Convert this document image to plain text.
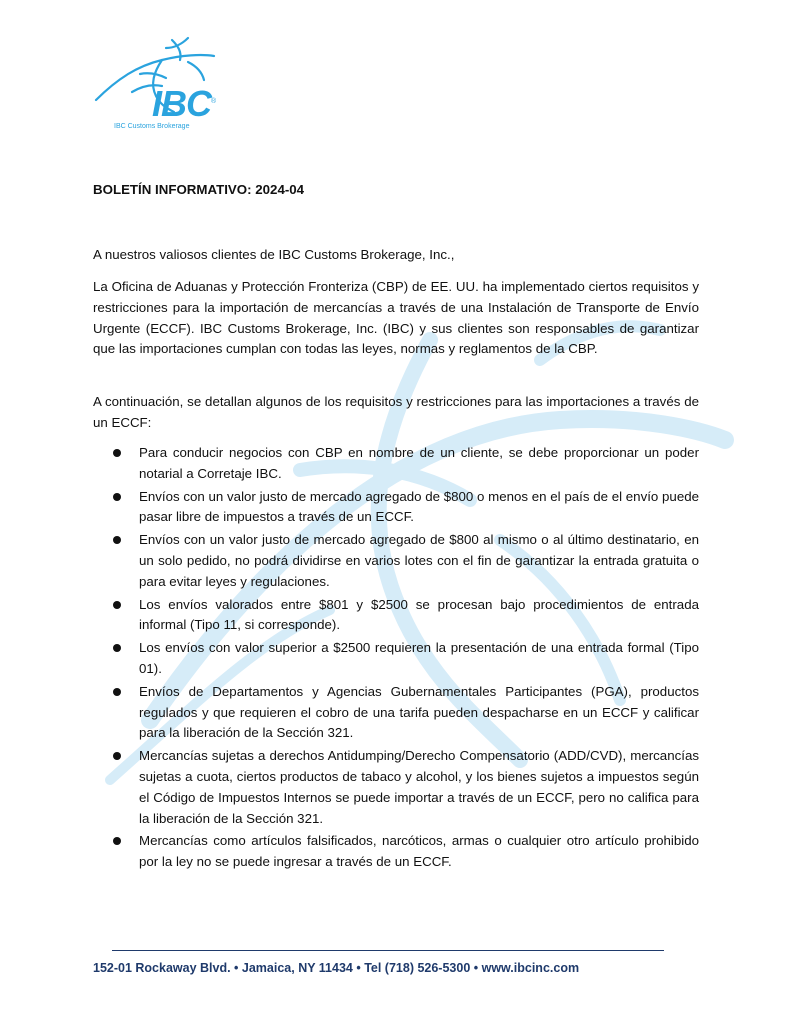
IBC®
IBC Customs Brokerage
BOLETÍN INFORMATIVO: 2024-04
A nuestros valiosos clientes de IBC Customs Brokerage, Inc.,
La Oficina de Aduanas y Protección Fronteriza (CBP) de EE. UU. ha implementado ciertos requisitos y restricciones para la importación de mercancías a través de una Instalación de Transporte de Envío Urgente (ECCF). IBC Customs Brokerage, Inc. (IBC) y sus clientes son responsables de garantizar que las importaciones cumplan con todas las leyes, normas y reglamentos de la CBP.
A continuación, se detallan algunos de los requisitos y restricciones para las importaciones a través de un ECCF:
Para conducir negocios con CBP en nombre de un cliente, se debe proporcionar un poder notarial a Corretaje IBC.
Envíos con un valor justo de mercado agregado de $800 o menos en el país de el envío puede pasar libre de impuestos a través de un ECCF.
Envíos con un valor justo de mercado agregado de $800 al mismo o al último destinatario, en un solo pedido, no podrá dividirse en varios lotes con el fin de garantizar la entrada gratuita o para evitar leyes y regulaciones.
Los envíos valorados entre $801 y $2500 se procesan bajo procedimientos de entrada informal (Tipo 11, si corresponde).
Los envíos con valor superior a $2500 requieren la presentación de una entrada formal (Tipo 01).
Envíos de Departamentos y Agencias Gubernamentales Participantes (PGA), productos regulados y que requieren el cobro de una tarifa pueden despacharse en un ECCF y calificar para la liberación de la Sección 321.
Mercancías sujetas a derechos Antidumping/Derecho Compensatorio (ADD/CVD), mercancías sujetas a cuota, ciertos productos de tabaco y alcohol, y los bienes sujetos a impuestos según el Código de Impuestos Internos se puede importar a través de un ECCF, pero no califica para la liberación de la Sección 321.
Mercancías como artículos falsificados, narcóticos, armas o cualquier otro artículo prohibido por la ley no se puede ingresar a través de un ECCF.
152-01 Rockaway Blvd. • Jamaica, NY 11434 • Tel (718) 526-5300 • www.ibcinc.com
